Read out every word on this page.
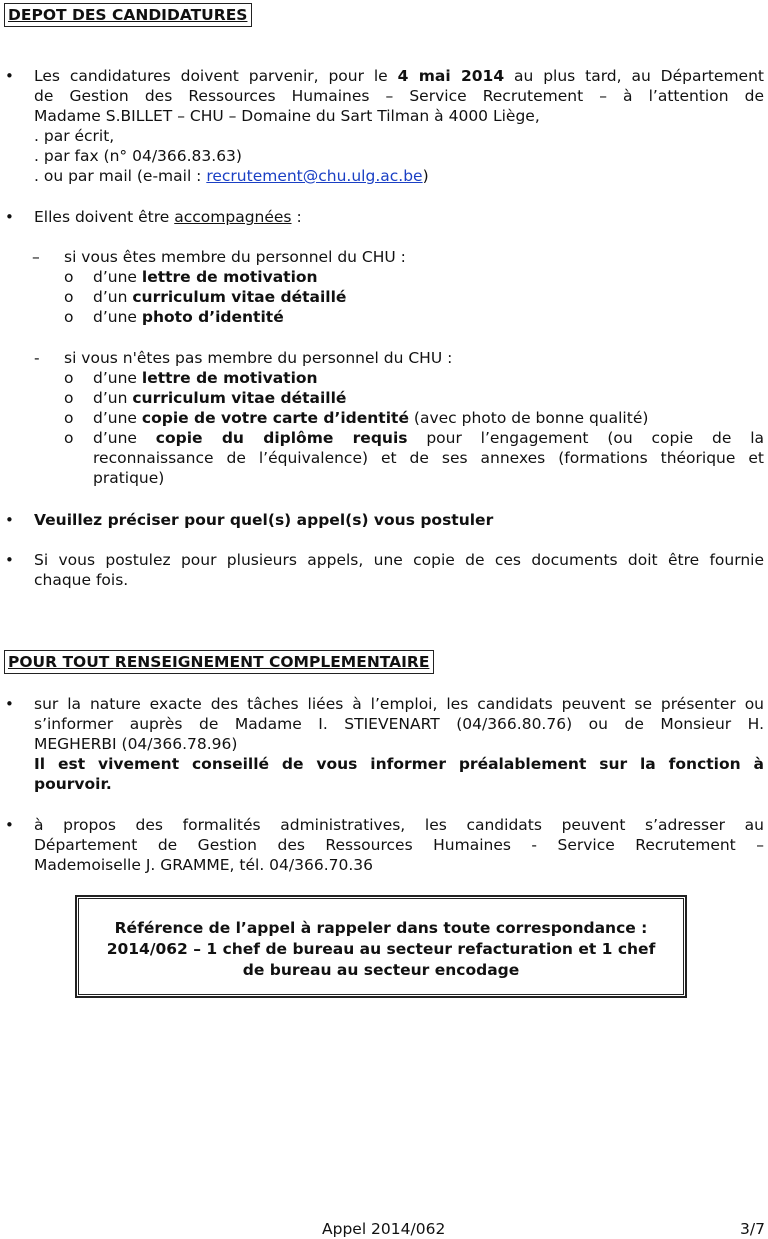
DEPOT DES CANDIDATURES
• Les candidatures doivent parvenir, pour le 4 mai 2014 au plus tard, au Département
de Gestion des Ressources Humaines – Service Recrutement – à l’attention de
Madame S.BILLET – CHU – Domaine du Sart Tilman à 4000 Liège,
. par écrit,
. par fax (n° 04/366.83.63)
. ou par mail (e-mail : recrutement@chu.ulg.ac.be)
• Elles doivent être accompagnées :
– si vous êtes membre du personnel du CHU :
o d’une lettre de motivation
o d’un curriculum vitae détaillé
o d’une photo d’identité
- si vous n'êtes pas membre du personnel du CHU :
o d’une lettre de motivation
o d’un curriculum vitae détaillé
o d’une copie de votre carte d’identité (avec photo de bonne qualité)
o d’une copie du diplôme requis pour l’engagement (ou copie de la
reconnaissance de l’équivalence) et de ses annexes (formations théorique et
pratique)
• Veuillez préciser pour quel(s) appel(s) vous postuler
• Si vous postulez pour plusieurs appels, une copie de ces documents doit être fournie
chaque fois.
POUR TOUT RENSEIGNEMENT COMPLEMENTAIRE
• sur la nature exacte des tâches liées à l’emploi, les candidats peuvent se présenter ou
s’informer auprès de Madame I. STIEVENART (04/366.80.76) ou de Monsieur H.
MEGHERBI (04/366.78.96)
Il est vivement conseillé de vous informer préalablement sur la fonction à
pourvoir.
• à propos des formalités administratives, les candidats peuvent s’adresser au
Département de Gestion des Ressources Humaines - Service Recrutement –
Mademoiselle J. GRAMME, tél. 04/366.70.36
Référence de l’appel à rappeler dans toute correspondance :
2014/062 – 1 chef de bureau au secteur refacturation et 1 chef
de bureau au secteur encodage
Appel 2014/062	3/7
